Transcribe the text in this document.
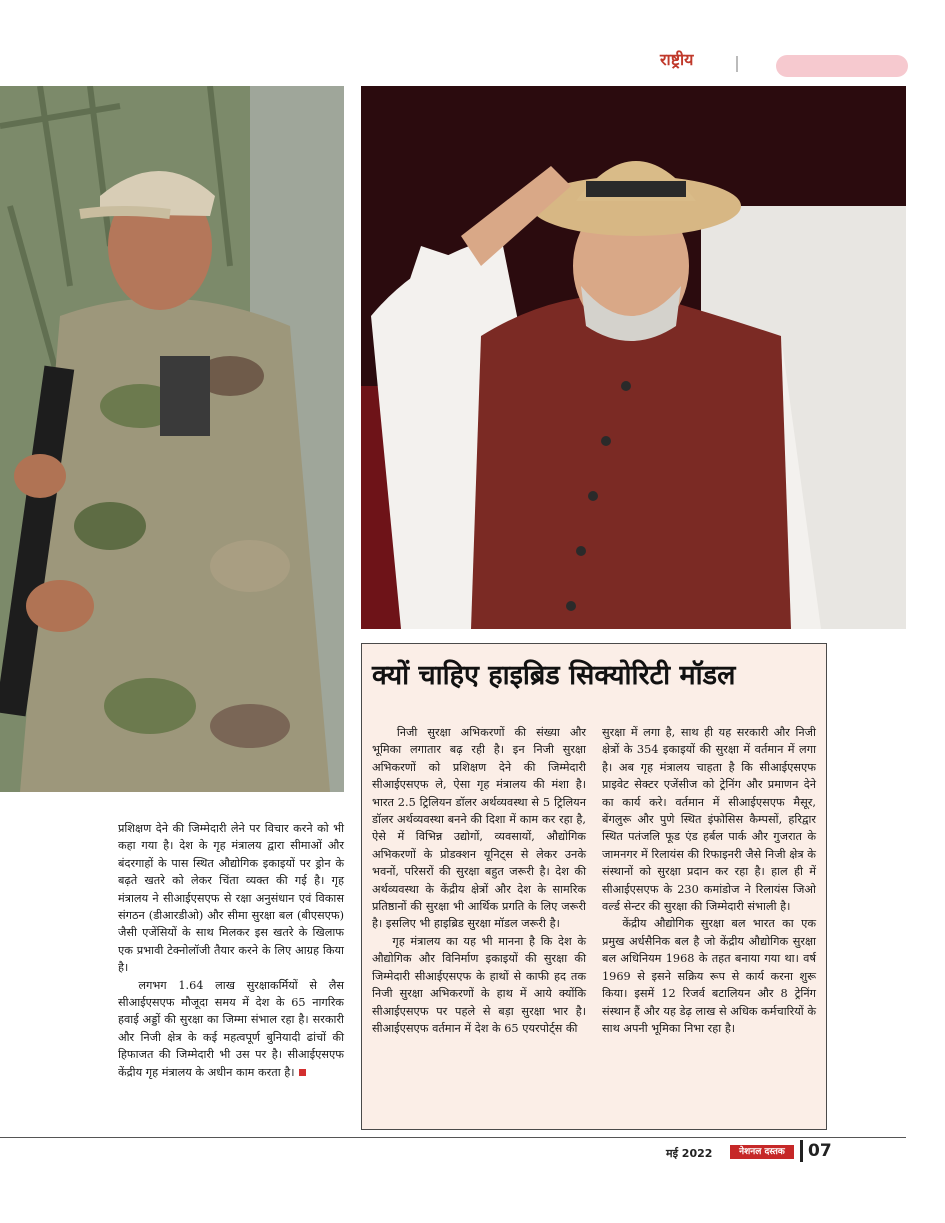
राष्ट्रीय
क्यों चाहिए हाइब्रिड सिक्योरिटी मॉडल

निजी सुरक्षा अभिकरणों की संख्या और भूमिका लगातार बढ़ रही है। इन निजी सुरक्षा अभिकरणों को प्रशिक्षण देने की जिम्मेदारी सीआईएसएफ ले, ऐसा गृह मंत्रालय की मंशा है। भारत 2.5 ट्रिलियन डॉलर अर्थव्यवस्था से 5 ट्रिलियन डॉलर अर्थव्यवस्था बनने की दिशा में काम कर रहा है, ऐसे में विभिन्न उद्योगों, व्यवसायों, औद्योगिक अभिकरणों के प्रोडक्शन यूनिट्स से लेकर उनके भवनों, परिसरों की सुरक्षा बहुत जरूरी है। देश की अर्थव्यवस्था के केंद्रीय क्षेत्रों और देश के सामरिक प्रतिष्ठानों की सुरक्षा भी आर्थिक प्रगति के लिए जरूरी है। इसलिए भी हाइब्रिड सुरक्षा मॉडल जरूरी है।

गृह मंत्रालय का यह भी मानना है कि देश के औद्योगिक और विनिर्माण इकाइयों की सुरक्षा की जिम्मेदारी सीआईएसएफ के हाथों से काफी हद तक निजी सुरक्षा अभिकरणों के हाथ में आये क्योंकि सीआईएसएफ पर पहले से बड़ा सुरक्षा भार है। सीआईएसएफ वर्तमान में देश के 65 एयरपोर्ट्स की

सुरक्षा में लगा है, साथ ही यह सरकारी और निजी क्षेत्रों के 354 इकाइयों की सुरक्षा में वर्तमान में लगा है। अब गृह मंत्रालय चाहता है कि सीआईएसएफ प्राइवेट सेक्टर एजेंसीज को ट्रेनिंग और प्रमाणन देने का कार्य करे। वर्तमान में सीआईएसएफ मैसूर, बेंगलुरू और पुणे स्थित इंफोसिस कैम्पसों, हरिद्वार स्थित पतंजलि फूड एंड हर्बल पार्क और गुजरात के जामनगर में रिलायंस की रिफाइनरी जैसे निजी क्षेत्र के संस्थानों को सुरक्षा प्रदान कर रहा है। हाल ही में सीआईएसएफ के 230 कमांडोज ने रिलायंस जिओ वर्ल्ड सेन्टर की सुरक्षा की जिम्मेदारी संभाली है।

केंद्रीय औद्योगिक सुरक्षा बल भारत का एक प्रमुख अर्धसैनिक बल है जो केंद्रीय औद्योगिक सुरक्षा बल अधिनियम 1968 के तहत बनाया गया था। वर्ष 1969 से इसने सक्रिय रूप से कार्य करना शुरू किया। इसमें 12 रिजर्व बटालियन और 8 ट्रेनिंग संस्थान हैं और यह डेढ़ लाख से अधिक कर्मचारियों के साथ अपनी भूमिका निभा रहा है।

प्रशिक्षण देने की जिम्मेदारी लेने पर विचार करने को भी कहा गया है। देश के गृह मंत्रालय द्वारा सीमाओं और बंदरगाहों के पास स्थित औद्योगिक इकाइयों पर ड्रोन के बढ़ते खतरे को लेकर चिंता व्यक्त की गई है। गृह मंत्रालय ने सीआईएसएफ से रक्षा अनुसंधान एवं विकास संगठन (डीआरडीओ) और सीमा सुरक्षा बल (बीएसएफ) जैसी एजेंसियों के साथ मिलकर इस खतरे के खिलाफ एक प्रभावी टेक्नोलॉजी तैयार करने के लिए आग्रह किया है।

लगभग 1.64 लाख सुरक्षाकर्मियों से लैस सीआईएसएफ मौजूदा समय में देश के 65 नागरिक हवाई अड्डों की सुरक्षा का जिम्मा संभाल रहा है। सरकारी और निजी क्षेत्र के कई महत्वपूर्ण बुनियादी ढांचों की हिफाजत की जिम्मेदारी भी उस पर है। सीआईएसएफ केंद्रीय गृह मंत्रालय के अधीन काम करता है।

मई 2022	नेशनल दस्तक	07
